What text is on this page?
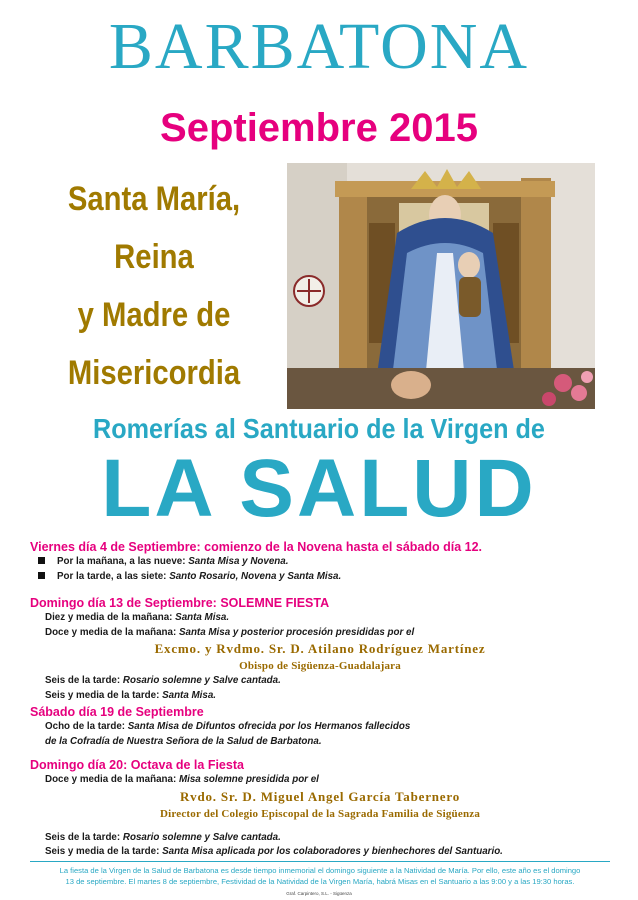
BARBATONA
Septiembre 2015
Santa María,
Reina
y Madre de
Misericordia
Romerías al Santuario de la Virgen de
LA SALUD
Viernes día 4 de Septiembre: comienzo de la Novena hasta el sábado día 12.
Por la mañana, a las nueve: Santa Misa y Novena.
Por la tarde, a las siete: Santo Rosario, Novena y Santa Misa.
Domingo día 13 de Septiembre: SOLEMNE FIESTA
Diez y media de la mañana: Santa Misa.
Doce y media de la mañana: Santa Misa y posterior procesión presididas por el
Excmo. y Rvdmo. Sr. D. Atilano Rodríguez Martínez
Obispo de Sigüenza-Guadalajara
Seis de la tarde: Rosario solemne y Salve cantada.
Seis y media de la tarde: Santa Misa.
Sábado día 19 de Septiembre
Ocho de la tarde: Santa Misa de Difuntos ofrecida por los Hermanos fallecidos
de la Cofradía de Nuestra Señora de la Salud de Barbatona.
Domingo día 20: Octava de la Fiesta
Doce y media de la mañana: Misa solemne presidida por el
Rvdo. Sr. D. Miguel Angel García Tabernero
Director del Colegio Episcopal de la Sagrada Familia de Sigüenza
Seis de la tarde: Rosario solemne y Salve cantada.
Seis y media de la tarde: Santa Misa aplicada por los colaboradores y bienhechores del Santuario.
La fiesta de la Virgen de la Salud de Barbatona es desde tiempo inmemorial el domingo siguiente a la Natividad de María. Por ello, este año es el domingo
13 de septiembre. El martes 8 de septiembre, Festividad de la Natividad de la Virgen María, habrá Misas en el Santuario a las 9:00 y a las 19:30 horas.
Graf. Carpintero, S.L. - Sigüenza
